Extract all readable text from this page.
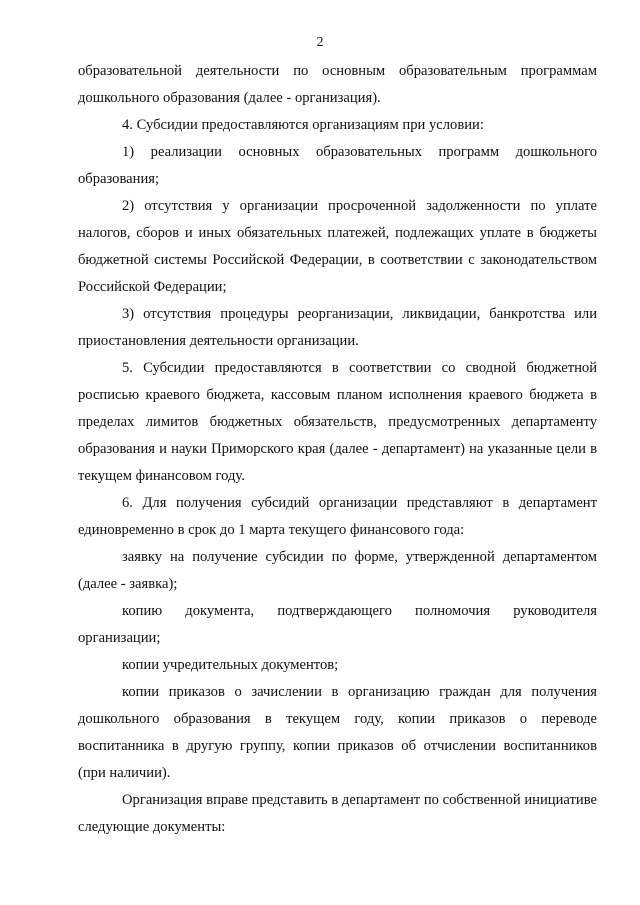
2

образовательной деятельности по основным образовательным программам дошкольного образования (далее - организация).

4. Субсидии предоставляются организациям при условии:

1) реализации основных образовательных программ дошкольного образования;

2) отсутствия у организации просроченной задолженности по уплате налогов, сборов и иных обязательных платежей, подлежащих уплате в бюджеты бюджетной системы Российской Федерации, в соответствии с законодательством Российской Федерации;

3) отсутствия процедуры реорганизации, ликвидации, банкротства или приостановления деятельности организации.

5. Субсидии предоставляются в соответствии со сводной бюджетной росписью краевого бюджета, кассовым планом исполнения краевого бюджета в пределах лимитов бюджетных обязательств, предусмотренных департаменту образования и науки Приморского края (далее - департамент) на указанные цели в текущем финансовом году.

6. Для получения субсидий организации представляют в департамент единовременно в срок до 1 марта текущего финансового года:

заявку на получение субсидии по форме, утвержденной департаментом (далее - заявка);

копию документа, подтверждающего полномочия руководителя организации;

копии учредительных документов;

копии приказов о зачислении в организацию граждан для получения дошкольного образования в текущем году, копии приказов о переводе воспитанника в другую группу, копии приказов об отчислении воспитанников (при наличии).

Организация вправе представить в департамент по собственной инициативе следующие документы:
